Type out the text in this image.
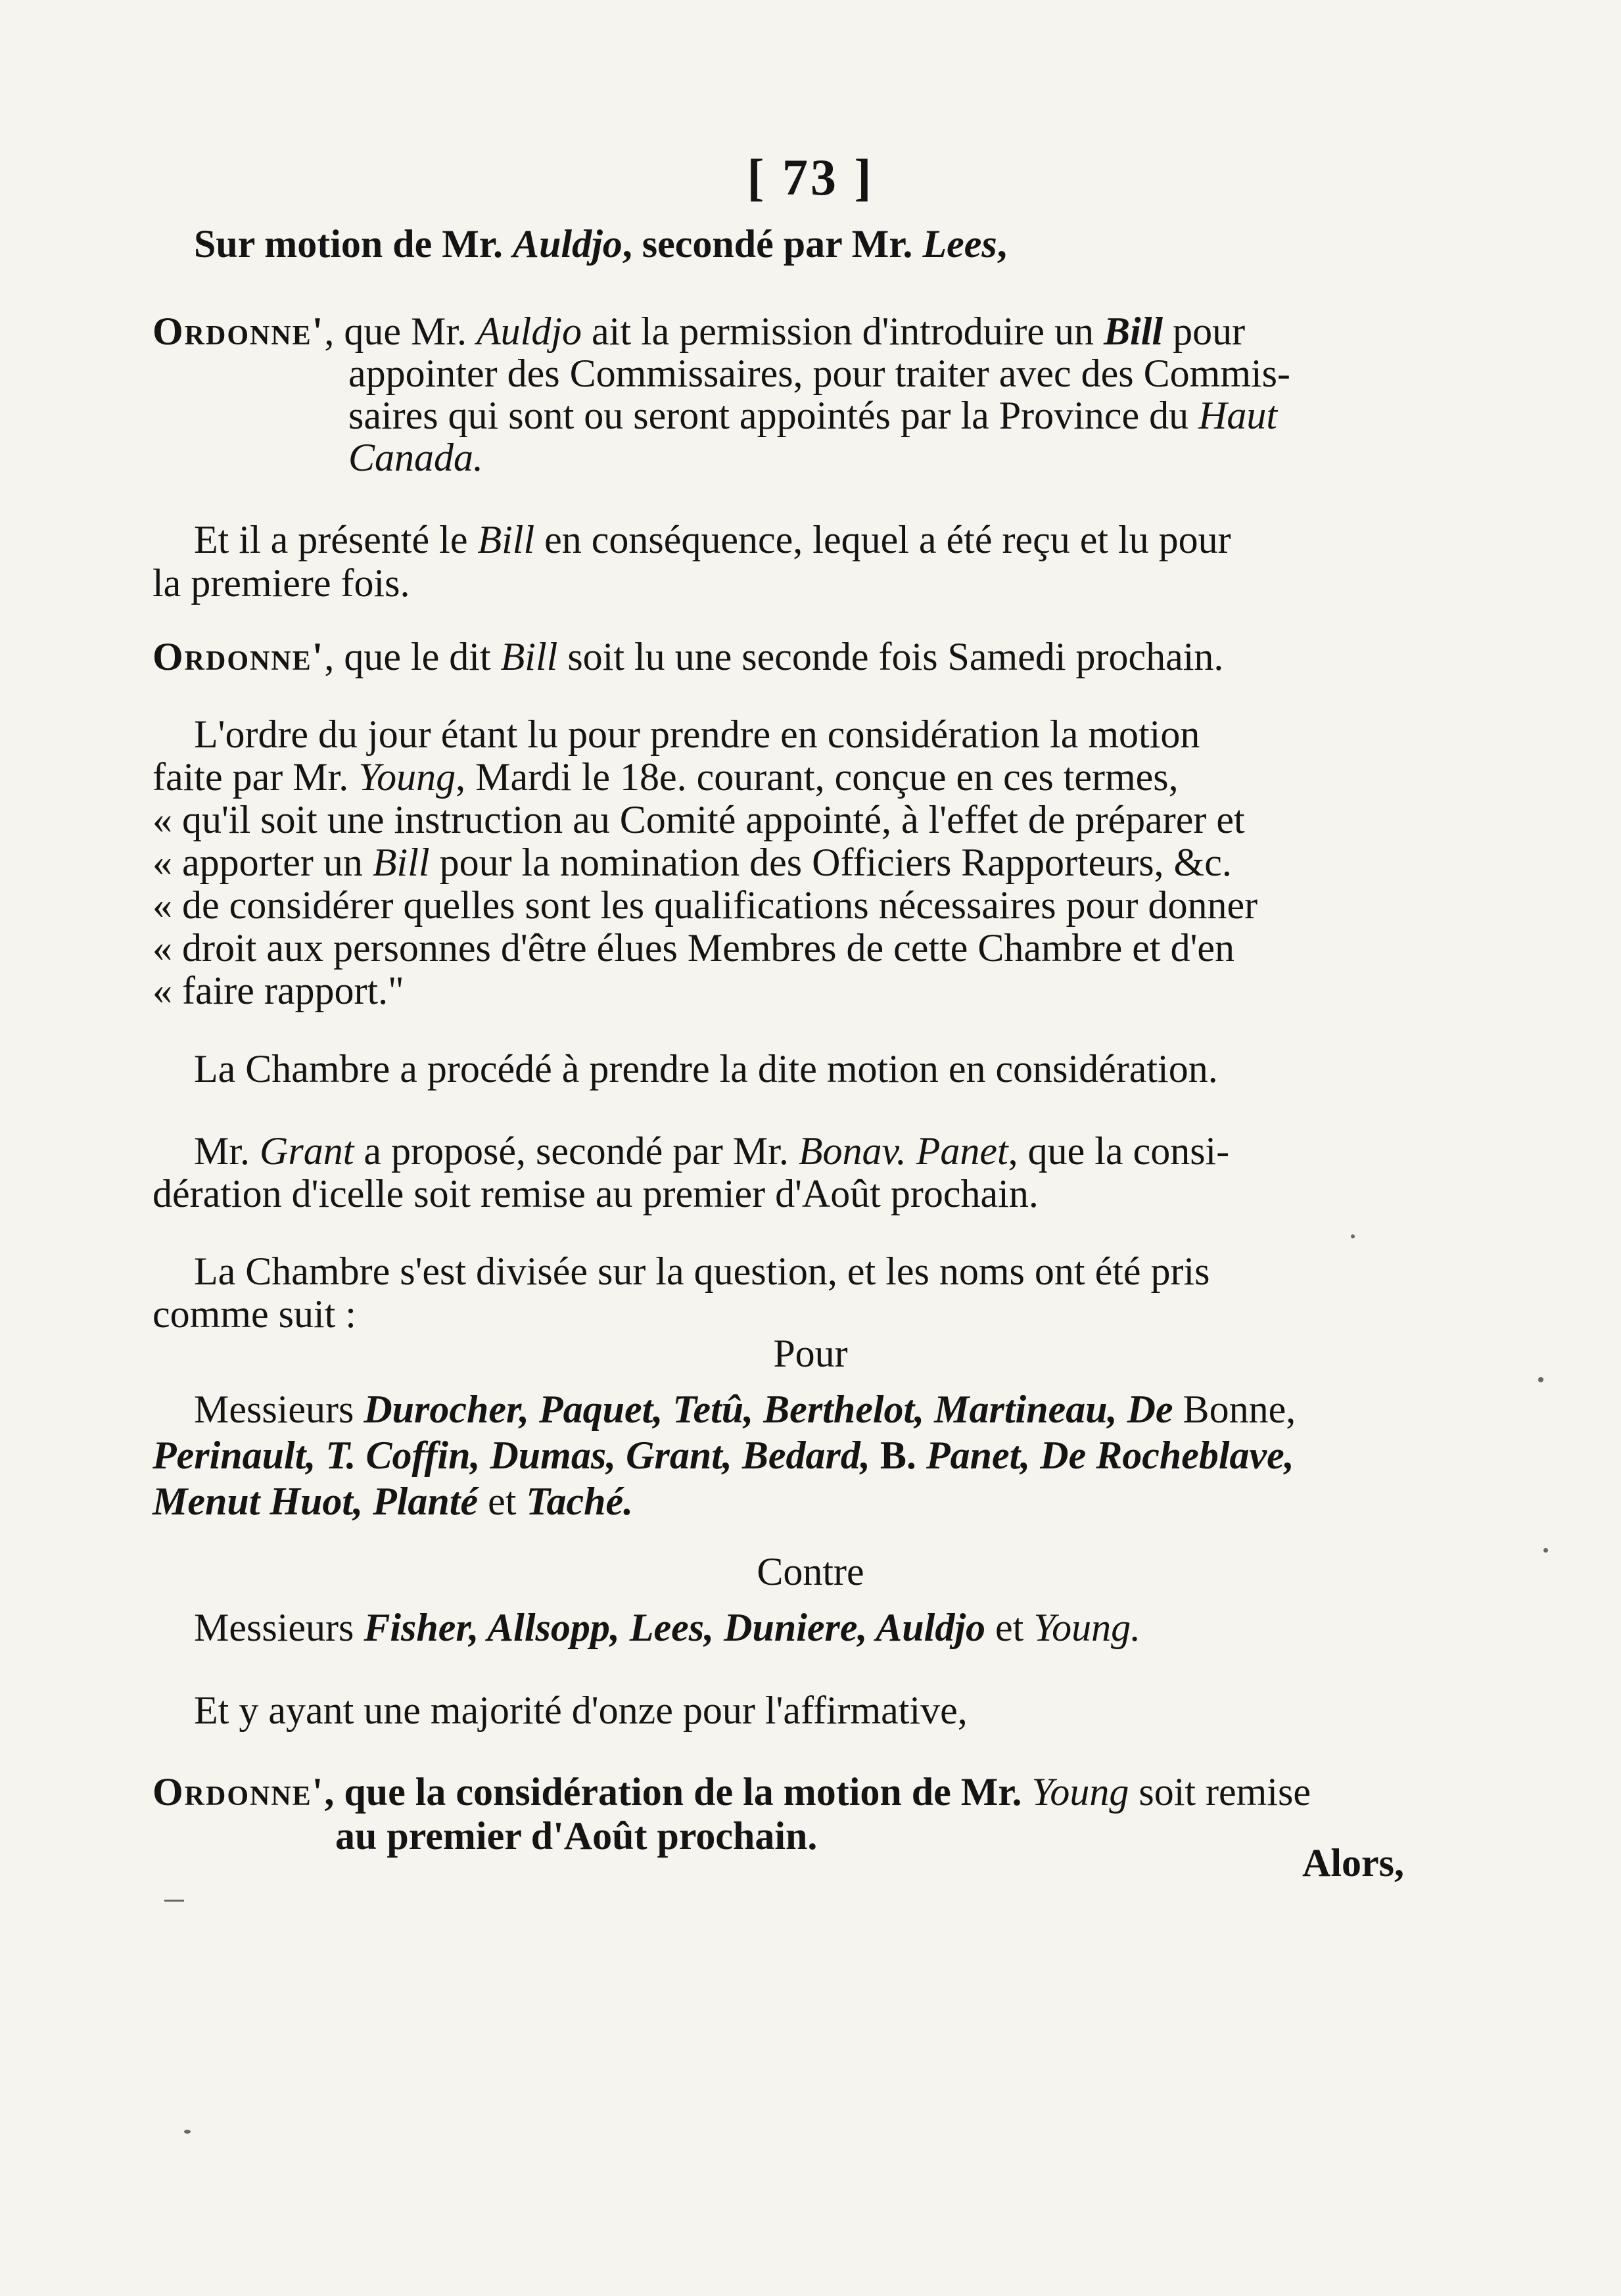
[ 73 ]
Sur motion de Mr. Auldjo, secondé par Mr. Lees,
Ordonne', que Mr. Auldjo ait la permission d'introduire un Bill pour
appointer des Commissaires, pour traiter avec des Commis-
saires qui sont ou seront appointés par la Province du Haut
Canada.
Et il a présenté le Bill en conséquence, lequel a été reçu et lu pour
la premiere fois.
Ordonne', que le dit Bill soit lu une seconde fois Samedi prochain.
L'ordre du jour étant lu pour prendre en considération la motion
faite par Mr. Young, Mardi le 18e. courant, conçue en ces termes,
« qu'il soit une instruction au Comité appointé, à l'effet de préparer et
« apporter un Bill pour la nomination des Officiers Rapporteurs, &c.
« de considérer quelles sont les qualifications nécessaires pour donner
« droit aux personnes d'être élues Membres de cette Chambre et d'en
« faire rapport."
La Chambre a procédé à prendre la dite motion en considération.
Mr. Grant a proposé, secondé par Mr. Bonav. Panet, que la consi-
dération d'icelle soit remise au premier d'Août prochain.
La Chambre s'est divisée sur la question, et les noms ont été pris
comme suit :
Pour
Messieurs Durocher, Paquet, Tetû, Berthelot, Martineau, De Bonne,
Perinault, T. Coffin, Dumas, Grant, Bedard, B. Panet, De Rocheblave,
Menut Huot, Planté et Taché.
Contre
Messieurs Fisher, Allsopp, Lees, Duniere, Auldjo et Young.
Et y ayant une majorité d'onze pour l'affirmative,
Ordonne', que la considération de la motion de Mr. Young soit remise
au premier d'Août prochain.
Alors,
